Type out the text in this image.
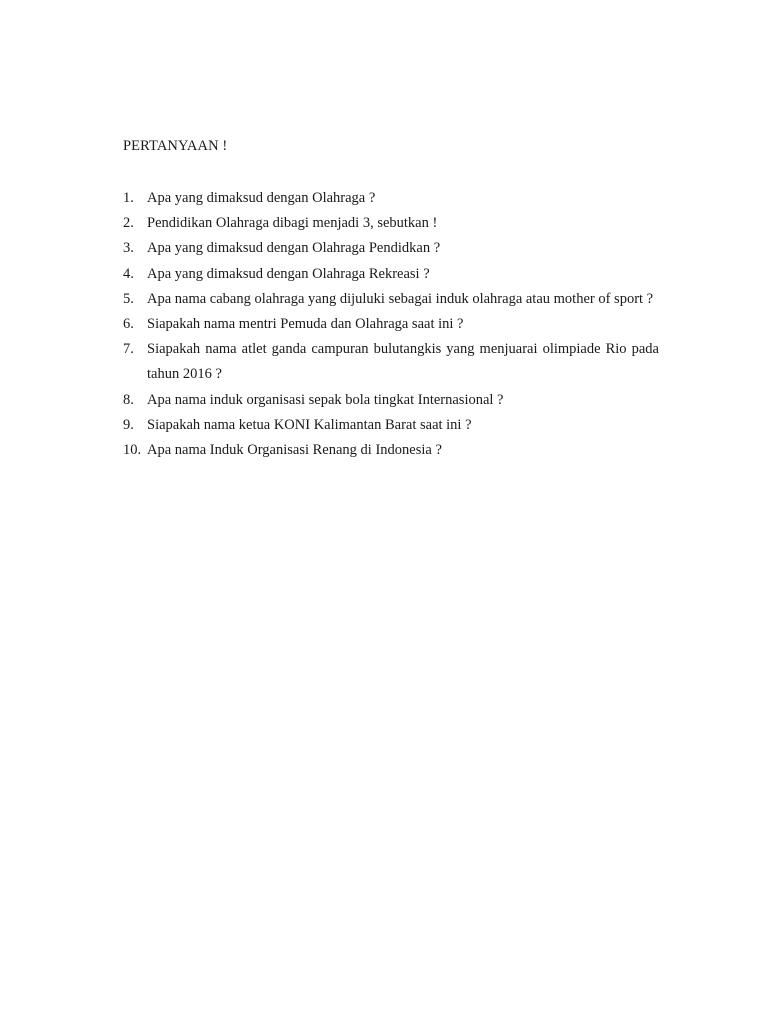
PERTANYAAN !
1. Apa yang dimaksud dengan Olahraga ?
2. Pendidikan Olahraga dibagi menjadi 3, sebutkan !
3. Apa yang dimaksud dengan Olahraga Pendidkan ?
4. Apa yang dimaksud dengan Olahraga Rekreasi ?
5. Apa nama cabang olahraga yang dijuluki sebagai induk olahraga atau mother of sport ?
6. Siapakah nama mentri Pemuda dan Olahraga saat ini ?
7. Siapakah nama atlet ganda campuran bulutangkis yang menjuarai olimpiade Rio pada tahun 2016 ?
8. Apa nama induk organisasi sepak bola tingkat Internasional ?
9. Siapakah nama ketua KONI Kalimantan Barat saat ini ?
10. Apa nama Induk Organisasi Renang di Indonesia ?
